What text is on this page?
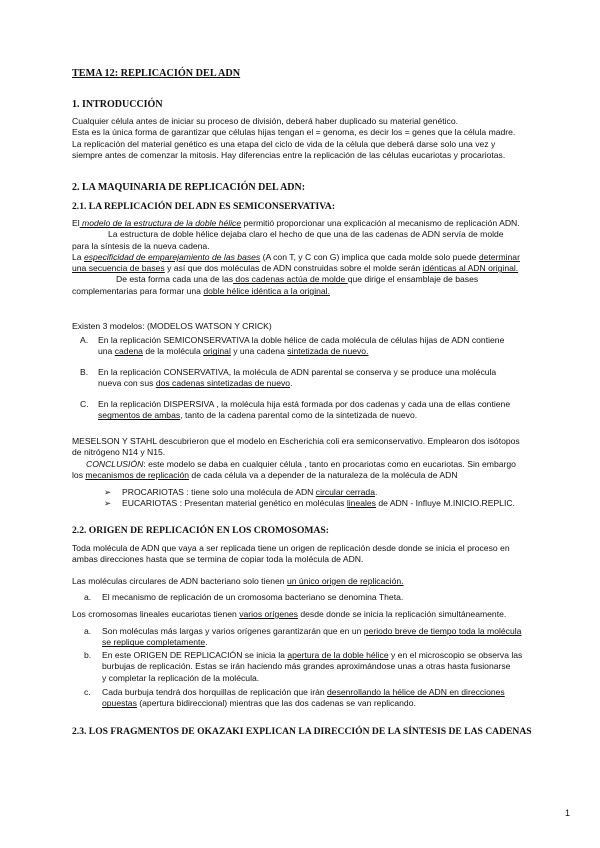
TEMA 12: REPLICACIÓN DEL ADN
1. INTRODUCCIÓN
Cualquier célula antes de iniciar su proceso de división, deberá haber duplicado su material genético.
Esta es la única forma de garantizar que células hijas tengan el = genoma, es decir los = genes que la célula madre.
La replicación del material genético es una etapa del ciclo de vida de la célula que deberá darse solo una vez y
siempre antes de comenzar la mitosis. Hay diferencias entre la replicación de las células eucariotas y procariotas.
2. LA MAQUINARIA DE REPLICACIÓN DEL ADN:
2.1. LA REPLICACIÓN DEL ADN ES SEMICONSERVATIVA:
El modelo de la estructura de la doble hélice permitió proporcionar una explicación al mecanismo de replicación ADN.
La estructura de doble hélice dejaba claro el hecho de que una de las cadenas de ADN servía de molde
para la síntesis de la nueva cadena.
La especificidad de emparejamiento de las bases (A con T, y C con G) implica que cada molde solo puede determinar
una secuencia de bases y así que dos moléculas de ADN construidas sobre el molde serán idénticas al ADN original.
De esta forma cada una de las dos cadenas actúa de molde que dirige el ensamblaje de bases
complementarias para formar una doble hélice idéntica a la original.
Existen 3 modelos: (MODELOS WATSON Y CRICK)
A. En la replicación SEMICONSERVATIVA la doble hélice de cada molécula de células hijas de ADN contiene
una cadena de la molécula original y una cadena sintetizada de nuevo.
B. En la replicación CONSERVATIVA, la molécula de ADN parental se conserva y se produce una molécula
nueva con sus dos cadenas sintetizadas de nuevo.
C. En la replicación DISPERSIVA , la molécula hija está formada por dos cadenas y cada una de ellas contiene
segmentos de ambas, tanto de la cadena parental como de la sintetizada de nuevo.
MESELSON Y STAHL descubrieron que el modelo en Escherichia coli era semiconservativo. Emplearon dos isótopos
de nitrógeno N14 y N15.
CONCLUSIÓN: este modelo se daba en cualquier célula , tanto en procariotas como en eucariotas. Sin embargo
los mecanismos de replicación de cada célula va a depender de la naturaleza de la molécula de ADN
➢ PROCARIOTAS : tiene solo una molécula de ADN circular cerrada.
➢ EUCARIOTAS : Presentan material genético en moléculas lineales de ADN - Influye M.INICIO.REPLIC.
2.2. ORIGEN DE REPLICACIÓN EN LOS CROMOSOMAS:
Toda molécula de ADN que vaya a ser replicada tiene un origen de replicación desde donde se inicia el proceso en
ambas direcciones hasta que se termina de copiar toda la molécula de ADN.
Las moléculas circulares de ADN bacteriano solo tienen un único origen de replicación.
a. El mecanismo de replicación de un cromosoma bacteriano se denomina Theta.
Los cromosomas lineales eucariotas tienen varios orígenes desde donde se inicia la replicación simultáneamente.
a. Son moléculas más largas y varios orígenes garantizarán que en un periodo breve de tiempo toda la molécula
se replique completamente.
b. En este ORIGEN DE REPLICACIÓN se inicia la apertura de la doble hélice y en el microscopio se observa las
burbujas de replicación. Estas se irán haciendo más grandes aproximándose unas a otras hasta fusionarse
y completar la replicación de la molécula.
c. Cada burbuja tendrá dos horquillas de replicación que irán desenrollando la hélice de ADN en direcciones
opuestas (apertura bidireccional) mientras que las dos cadenas se van replicando.
2.3. LOS FRAGMENTOS DE OKAZAKI EXPLICAN LA DIRECCIÓN DE LA SÍNTESIS DE LAS CADENAS
1
